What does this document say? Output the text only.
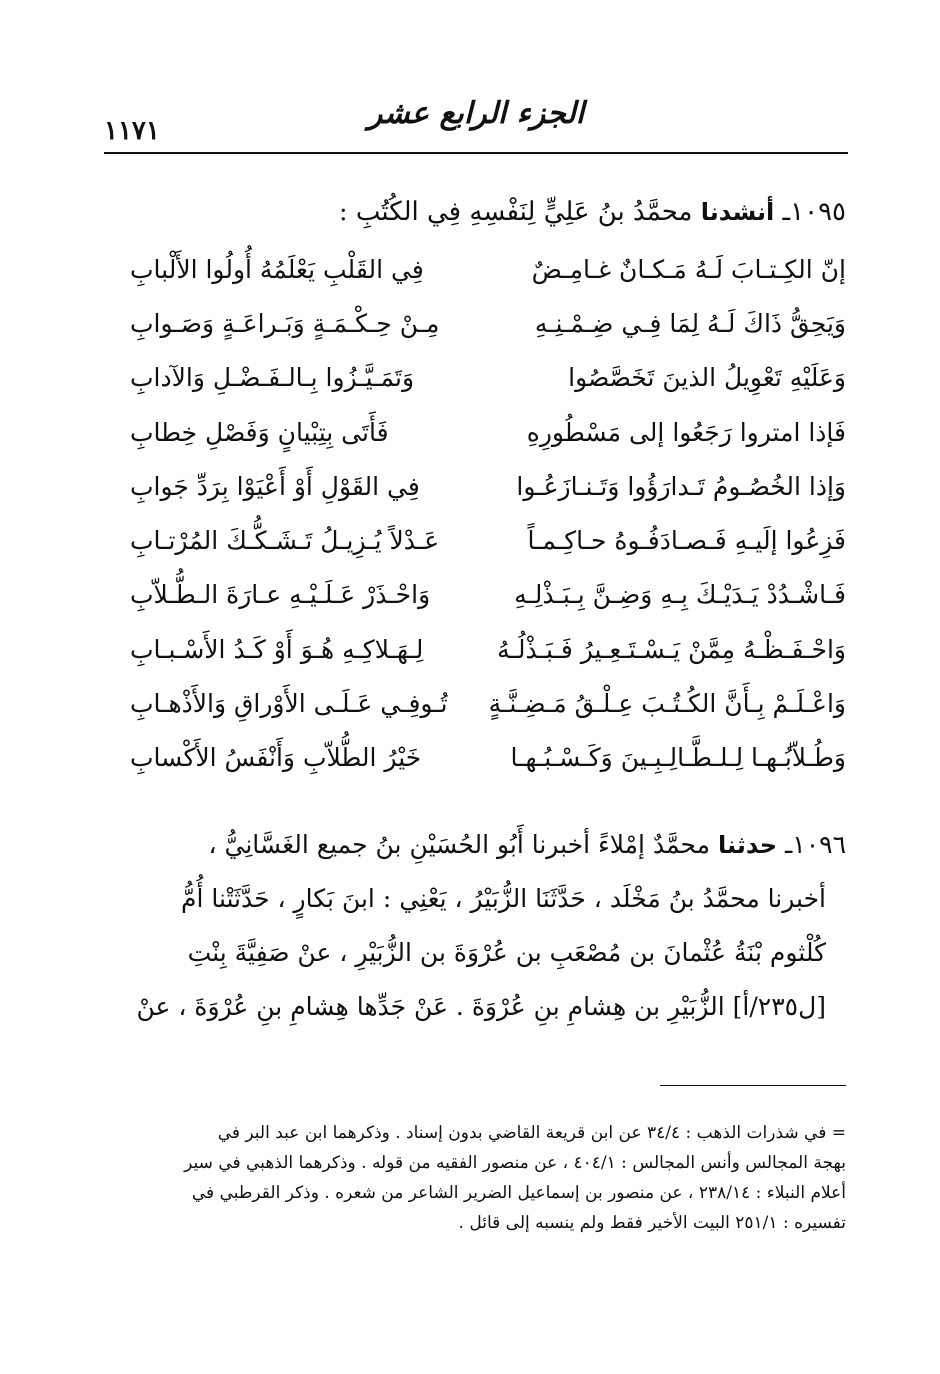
الجزء الرابع عشر
١١٧١
١٠٩٥ـ أنشدنا محمَّدُ بنُ عَلِيٍّ لِنَفْسِهِ فِي الكُتُبِ :
إنّ الكِـتـابَ لَـهُ مَـكـانٌ غـامِـضٌ
فِي القَلْبِ يَعْلَمُهُ أُولُوا الأَلْبابِ
وَيَحِقُّ ذَاكَ لَـهُ لِمَا فِـي ضِـمْـنِـهِ
مِـنْ حِـكْـمَـةٍ وَبَـراعَـةٍ وَصَـوابِ
وَعَلَيْهِ تَعْوِيلُ الذينَ تَخَصَّصُوا
وَتَمَـيَّـزُوا بِـالـفَـضْـلِ وَالآدابِ
فَإذا امتروا رَجَعُوا إلى مَسْطُورِهِ
فَأَتَى بِتِبْيانٍ وَفَصْلِ خِطابِ
وَإذا الخُصُـومُ تَـدارَؤُوا وَتَـنـازَعُـوا
فِي القَوْلِ أَوْ أَعْيَوْا بِرَدِّ جَوابِ
فَزِعُوا إلَيـهِ فَـصـادَفُـوهُ حـاكِـمـاً
عَـدْلاً يُـزِيـلُ تَـشَـكُّـكَ المُرْتـابِ
فَـاشْـدُدْ يَـدَيْـكَ بِـهِ وَضِـنَّ بِـبَـذْلِـهِ
وَاحْـذَرْ عَـلَـيْـهِ عـارَةَ الـطُّـلاّبِ
وَاحْـفَـظْـهُ مِمَّنْ يَـسْـتَـعِـيرُ فَـبَـذْلُـهُ
لِـهَـلاكِـهِ هُـوَ أَوْ كَـدُ الأَسْـبـابِ
وَاعْـلَـمْ بِـأَنَّ الكُـتُـبَ عِـلْـقُ مَـضِـنَّـةٍ
تُـوفِـي عَـلَـى الأَوْراقِ وَالأَذْهـابِ
وَطُـلاّبُـهـا لِـلـطَّـالِـبِـينَ وَكَـسْـبُـهـا
خَيْرُ الطُّلاّبِ وَأَنْفَسُ الأَكْسابِ
١٠٩٦ـ حدثنا محمَّدٌ إمْلاءً أخبرنا أَبُو الحُسَيْنِ بنُ جميع الغَسَّانِيُّ ،
أخبرنا محمَّدُ بنُ مَخْلَد ، حَدَّثَنَا الزُّبَيْرُ ، يَعْنِي : ابنَ بَكارٍ ، حَدَّثَتْنا أُمُّ
كُلْثوم بْنَةُ عُثْمانَ بن مُصْعَبِ بن عُرْوَةَ بن الزُّبَيْرِ ، عنْ صَفِيَّةَ بِنْتِ
[ل٢٣٥/أ] الزُّبَيْرِ بن هِشامِ بنِ عُرْوَةَ . عَنْ جَدِّها هِشامِ بنِ عُرْوَةَ ، عنْ
= في شذرات الذهب : ٣٤/٤ عن ابن قريعة القاضي بدون إسناد . وذكرهما ابن عبد البر في
بهجة المجالس وأنس المجالس : ٤٠٤/١ ، عن منصور الفقيه من قوله . وذكرهما الذهبي في سير
أعلام النبلاء : ٢٣٨/١٤ ، عن منصور بن إسماعيل الضرير الشاعر من شعره . وذكر القرطبي في
تفسيره : ٢٥١/١ البيت الأخير فقط ولم ينسبه إلى قائل .
